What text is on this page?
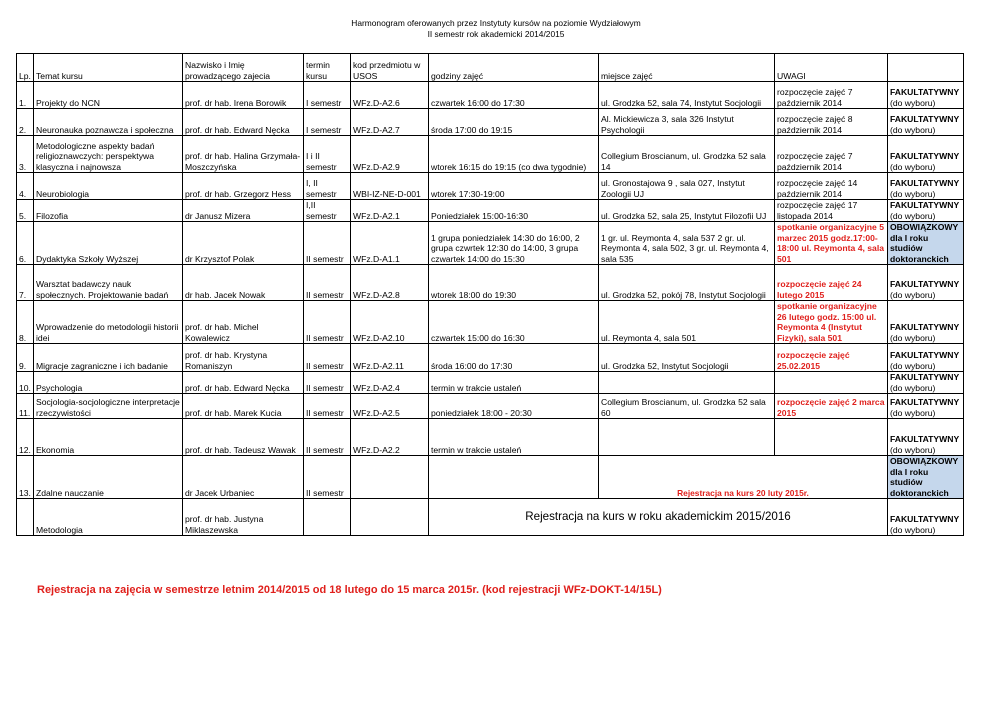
Harmonogram oferowanych przez Instytuty kursów na poziomie Wydziałowym
II semestr rok akademicki 2014/2015
Lp.	Temat kursu	Nazwisko i Imię prowadzącego zajecia	termin kursu	kod przedmiotu w USOS	godziny zajęć	miejsce zajęć	UWAGI	
1.	Projekty do NCN	prof. dr hab. Irena Borowik	I semestr	WFz.D-A2.6	czwartek 16:00 do 17:30	ul. Grodzka 52, sala 74, Instytut Socjologii	rozpoczęcie zajęć 7 październik 2014	FAKULTATYWNY
(do wyboru)

2.	Neuronauka poznawcza i społeczna	prof. dr hab. Edward Nęcka	I semestr	WFz.D-A2.7	środa 17:00 do 19:15	Al. Mickiewicza 3, sala 326 Instytut Psychologii	rozpoczęcie zajęć 8 październik 2014	FAKULTATYWNY
(do wyboru)

3.	Metodologiczne aspekty badań religioznawczych: perspektywa klasyczna i najnowsza	prof. dr hab. Halina Grzymała-Moszczyńska	I i II semestr	WFz.D-A2.9	wtorek 16:15 do 19:15 (co dwa tygodnie)	Collegium Broscianum, ul. Grodzka 52 sala 14	rozpoczęcie zajęć 7 październik 2014	FAKULTATYWNY
(do wyboru)

4.	Neurobiologia	prof. dr hab. Grzegorz Hess	I, II semestr	WBI-IZ-NE-D-001	wtorek 17:30-19:00	ul. Gronostajowa 9 , sala 027, Instytut Zoologii UJ	rozpoczęcie zajęć 14 październik 2014	FAKULTATYWNY
(do wyboru)

5.	Filozofia	dr Janusz Mizera	I,II semestr	WFz.D-A2.1	Poniedziałek 15:00-16:30	ul. Grodzka 52, sala 25, Instytut Filozofii UJ	rozpoczęcie zajęć 17 listopada 2014	FAKULTATYWNY
(do wyboru)

6.	Dydaktyka Szkoły Wyższej	dr Krzysztof Polak	II semestr	WFz.D-A1.1	1 grupa poniedziałek 14:30 do 16:00, 2 grupa czwrtek 12:30 do 14:00, 3 grupa czwartek 14:00 do 15:30	1 gr. ul. Reymonta 4, sala 537 2 gr. ul. Reymonta 4, sala 502, 3 gr. ul. Reymonta 4, sala 535	spotkanie organizacyjne 5 marzec 2015 godz.17:00-18:00 ul. Reymonta 4, sala 501	OBOWIĄZKOWY
dla I roku studiów doktoranckich

7.	Warsztat badawczy nauk społecznych. Projektowanie badań	dr hab. Jacek Nowak	II semestr	WFz.D-A2.8	wtorek 18:00 do 19:30	ul. Grodzka 52, pokój 78, Instytut Socjologii	rozpoczęcie zajęć 24 lutego 2015	FAKULTATYWNY
(do wyboru)

8.	Wprowadzenie do metodologii historii idei	prof. dr hab. Michel Kowalewicz	II semestr	WFz.D-A2.10	czwartek 15:00 do 16:30	ul. Reymonta 4, sala 501	spotkanie organizacyjne 26 lutego godz. 15:00 ul. Reymonta 4 (Instytut Fizyki), sala 501	FAKULTATYWNY
(do wyboru)

9.	Migracje zagraniczne i ich badanie	prof. dr hab. Krystyna Romaniszyn	II semestr	WFz.D-A2.11	środa 16:00 do 17:30	ul. Grodzka 52, Instytut Socjologii	rozpoczęcie zajęć 25.02.2015	FAKULTATYWNY
(do wyboru)

10.	Psychologia	prof. dr hab. Edward Nęcka	II semestr	WFz.D-A2.4	termin w trakcie ustaleń			FAKULTATYWNY
(do wyboru)

11.	Socjologia-socjologiczne interpretacje rzeczywistości	prof. dr hab. Marek Kucia	II semestr	WFz.D-A2.5	poniedziałek 18:00 - 20:30	Collegium Broscianum, ul. Grodzka 52 sala 60	rozpoczęcie zajęć 2 marca 2015	FAKULTATYWNY
(do wyboru)

12.	Ekonomia	prof. dr hab. Tadeusz Wawak	II semestr	WFz.D-A2.2	termin w trakcie ustaleń			FAKULTATYWNY
(do wyboru)

13.	Zdalne nauczanie	dr Jacek Urbaniec	II semestr			Rejestracja na kurs 20 luty 2015r.		OBOWIĄZKOWY
dla I roku studiów doktoranckich

	Metodologia	prof. dr hab. Justyna Miklaszewska			Rejestracja na kurs w roku akademickim 2015/2016			FAKULTATYWNY
(do wyboru)
Rejestracja na zajęcia w semestrze letnim 2014/2015 od 18 lutego do 15 marca 2015r. (kod rejestracji WFz-DOKT-14/15L)
